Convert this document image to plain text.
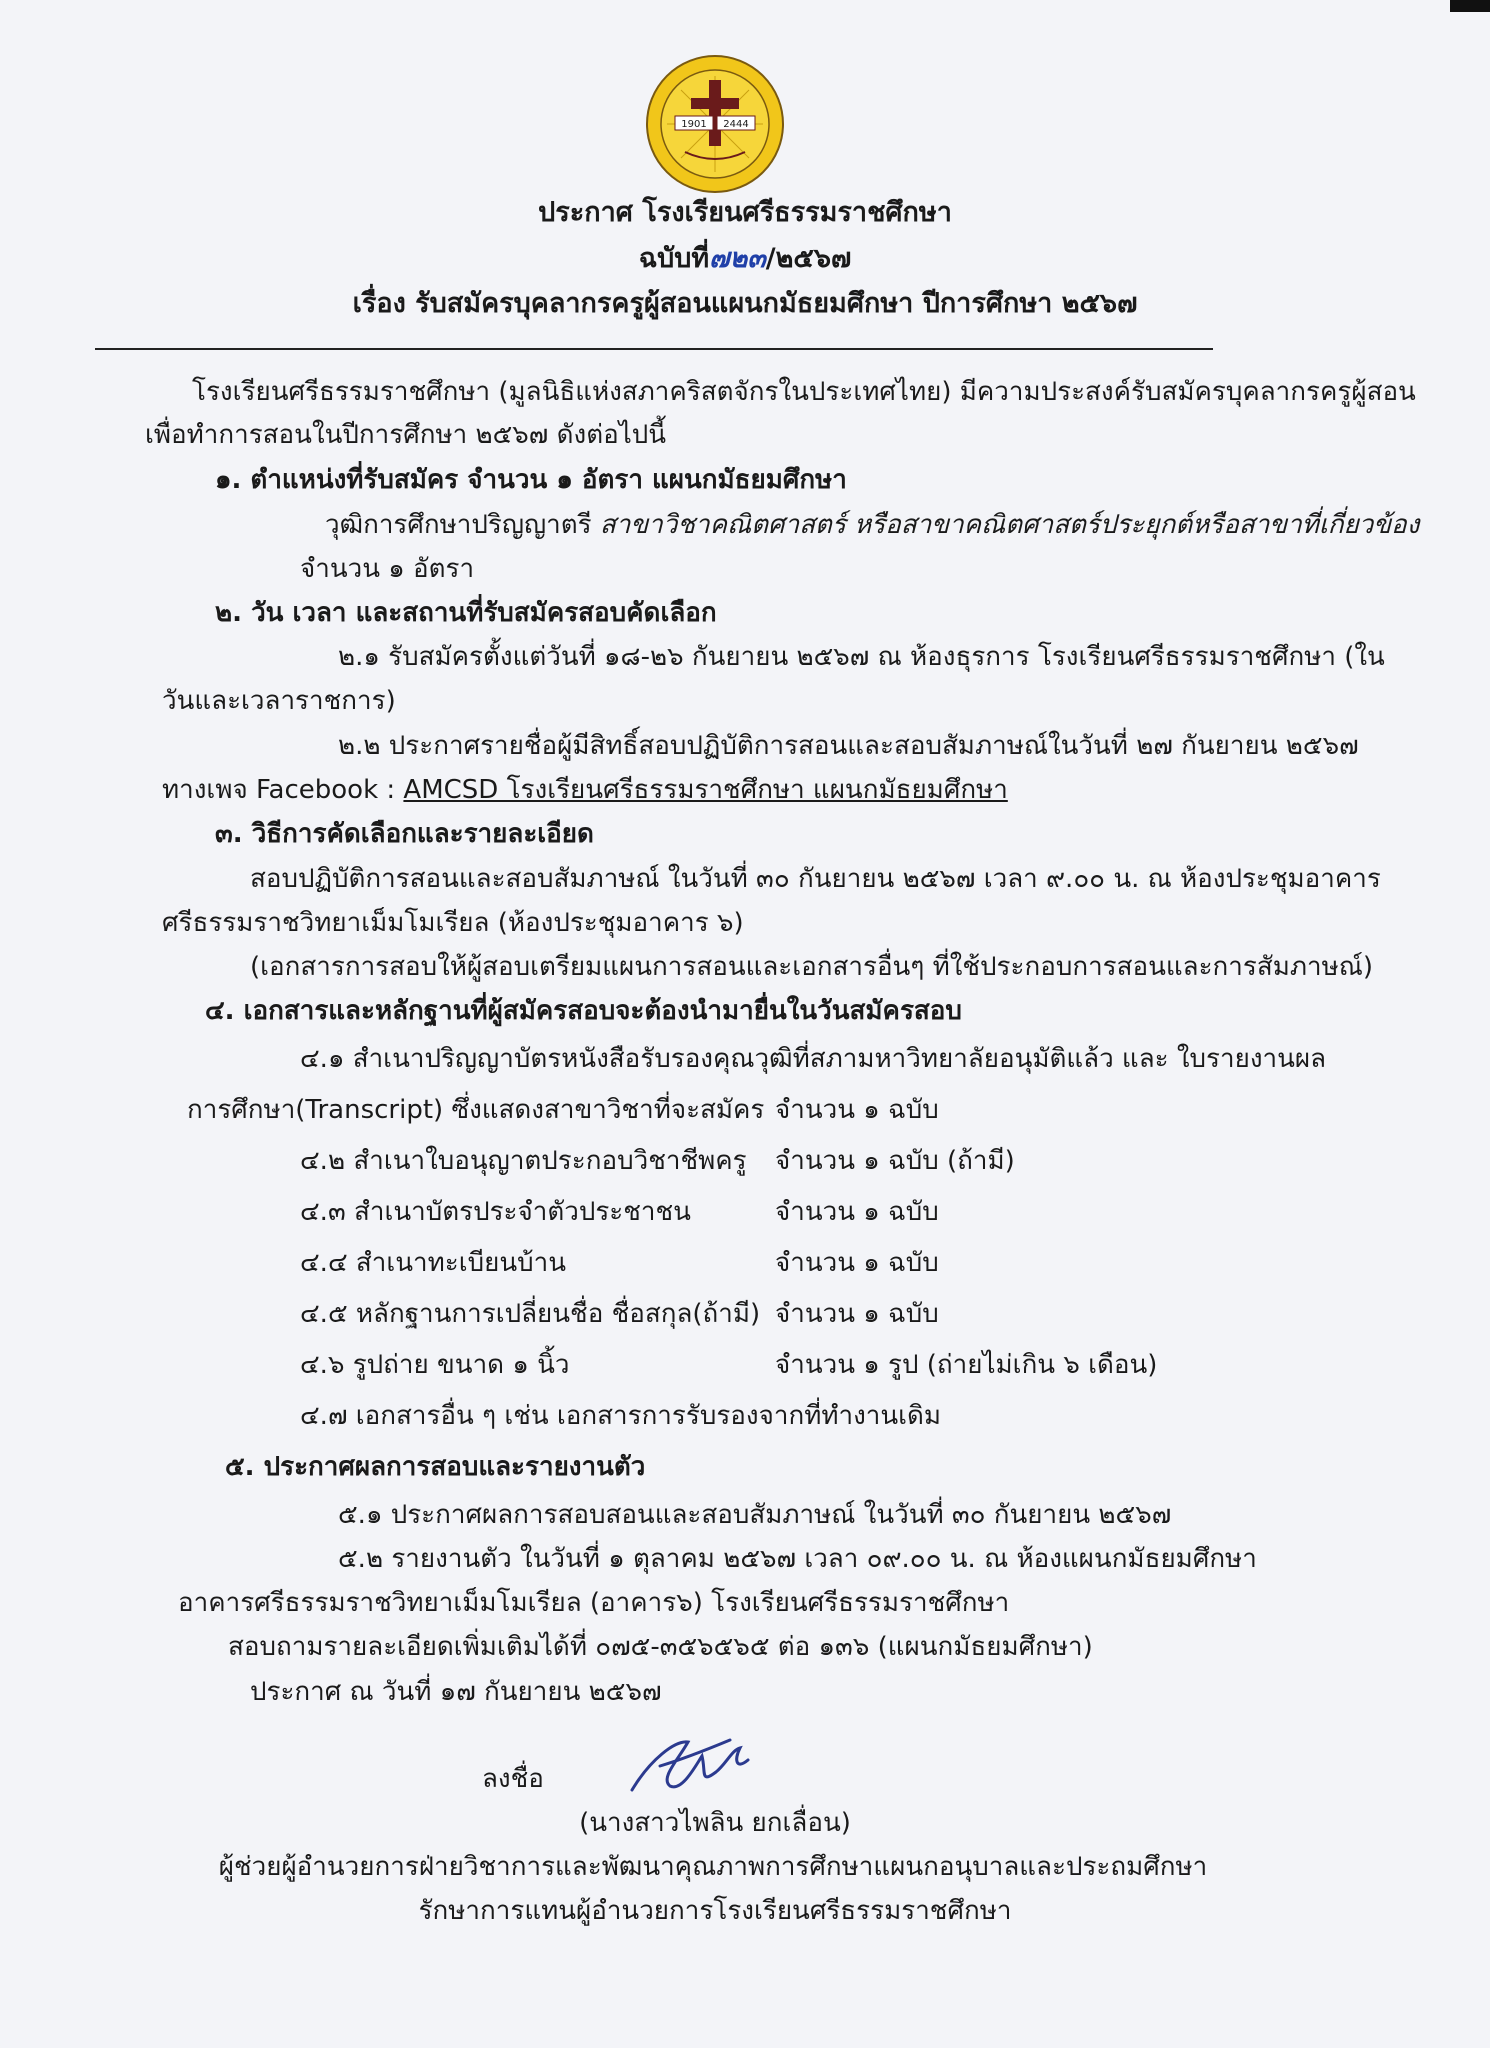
1901 2444
ประกาศ โรงเรียนศรีธรรมราชศึกษา
ฉบับที่๗๒๓/๒๕๖๗
เรื่อง รับสมัครบุคลากรครูผู้สอนแผนกมัธยมศึกษา ปีการศึกษา ๒๕๖๗
โรงเรียนศรีธรรมราชศึกษา (มูลนิธิแห่งสภาคริสตจักรในประเทศไทย) มีความประสงค์รับสมัครบุคลากรครูผู้สอน
เพื่อทำการสอนในปีการศึกษา ๒๕๖๗ ดังต่อไปนี้
๑. ตำแหน่งที่รับสมัคร จำนวน ๑ อัตรา แผนกมัธยมศึกษา
วุฒิการศึกษาปริญญาตรี สาขาวิชาคณิตศาสตร์ หรือสาขาคณิตศาสตร์ประยุกต์หรือสาขาที่เกี่ยวข้อง
จำนวน ๑ อัตรา
๒. วัน เวลา และสถานที่รับสมัครสอบคัดเลือก
๒.๑ รับสมัครตั้งแต่วันที่ ๑๘-๒๖ กันยายน ๒๕๖๗ ณ ห้องธุรการ โรงเรียนศรีธรรมราชศึกษา (ใน
วันและเวลาราชการ)
๒.๒ ประกาศรายชื่อผู้มีสิทธิ์สอบปฏิบัติการสอนและสอบสัมภาษณ์ในวันที่ ๒๗ กันยายน ๒๕๖๗
ทางเพจ Facebook : AMCSD โรงเรียนศรีธรรมราชศึกษา แผนกมัธยมศึกษา
๓. วิธีการคัดเลือกและรายละเอียด
สอบปฏิบัติการสอนและสอบสัมภาษณ์ ในวันที่ ๓๐ กันยายน ๒๕๖๗ เวลา ๙.๐๐ น. ณ ห้องประชุมอาคาร
ศรีธรรมราชวิทยาเม็มโมเรียล (ห้องประชุมอาคาร ๖)
(เอกสารการสอบให้ผู้สอบเตรียมแผนการสอนและเอกสารอื่นๆ ที่ใช้ประกอบการสอนและการสัมภาษณ์)
๔. เอกสารและหลักฐานที่ผู้สมัครสอบจะต้องนำมายื่นในวันสมัครสอบ
๔.๑ สำเนาปริญญาบัตรหนังสือรับรองคุณวุฒิที่สภามหาวิทยาลัยอนุมัติแล้ว และ ใบรายงานผล
การศึกษา(Transcript) ซึ่งแสดงสาขาวิชาที่จะสมัคร จำนวน ๑ ฉบับ
๔.๒ สำเนาใบอนุญาตประกอบวิชาชีพครู จำนวน ๑ ฉบับ (ถ้ามี)
๔.๓ สำเนาบัตรประจำตัวประชาชน	จำนวน ๑ ฉบับ
๔.๔ สำเนาทะเบียนบ้าน	จำนวน ๑ ฉบับ
๔.๕ หลักฐานการเปลี่ยนชื่อ ชื่อสกุล(ถ้ามี) จำนวน ๑ ฉบับ
๔.๖ รูปถ่าย ขนาด ๑ นิ้ว	จำนวน ๑ รูป (ถ่ายไม่เกิน ๖ เดือน)
๔.๗ เอกสารอื่น ๆ เช่น เอกสารการรับรองจากที่ทำงานเดิม
๕. ประกาศผลการสอบและรายงานตัว
๕.๑ ประกาศผลการสอบสอนและสอบสัมภาษณ์ ในวันที่ ๓๐ กันยายน ๒๕๖๗
๕.๒ รายงานตัว ในวันที่ ๑ ตุลาคม ๒๕๖๗ เวลา ๐๙.๐๐ น. ณ ห้องแผนกมัธยมศึกษา
อาคารศรีธรรมราชวิทยาเม็มโมเรียล (อาคาร๖) โรงเรียนศรีธรรมราชศึกษา
สอบถามรายละเอียดเพิ่มเติมได้ที่ ๐๗๕-๓๕๖๕๖๕ ต่อ ๑๓๖ (แผนกมัธยมศึกษา)
ประกาศ ณ วันที่ ๑๗ กันยายน ๒๕๖๗
ลงชื่อ
(นางสาวไพลิน ยกเลื่อน)
ผู้ช่วยผู้อำนวยการฝ่ายวิชาการและพัฒนาคุณภาพการศึกษาแผนกอนุบาลและประถมศึกษา
รักษาการแทนผู้อำนวยการโรงเรียนศรีธรรมราชศึกษา
